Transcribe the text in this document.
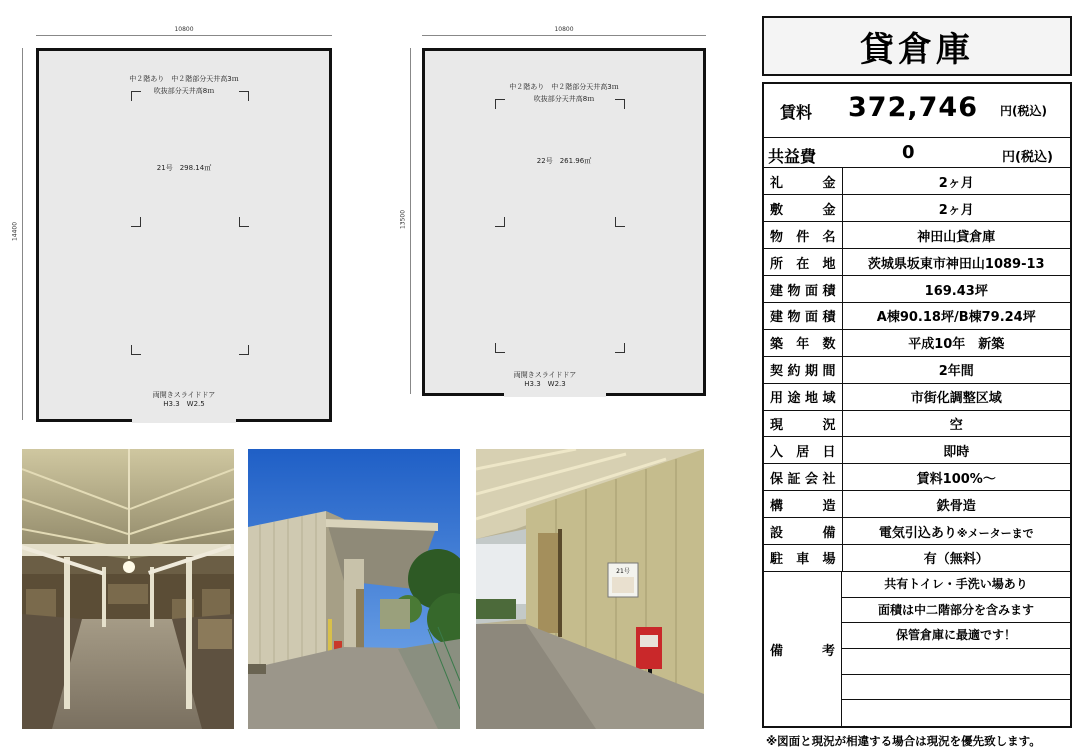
10800
14400
中２階あり　中２階部分天井高3ｍ
吹抜部分天井高8ｍ
21号　298.14㎡
両開きスライドドア
H3.3　W2.5
10800
13500
中２階あり　中２階部分天井高3ｍ
吹抜部分天井高8ｍ
22号　261.96㎡
両開きスライドドア
H3.3　W2.3
21号
貸倉庫
賃料 372,746 円(税込)
共益費	0	円(税込)
礼金	2ヶ月
敷金	2ヶ月
物件名	神田山貸倉庫
所在地	茨城県坂東市神田山1089-13
建物面積	169.43坪
建物面積	A棟90.18坪/B棟79.24坪
築年数	平成10年　新築
契約期間	2年間
用途地域	市街化調整区域
現況	空
入居日	即時
保証会社	賃料100%～
構造	鉄骨造
設備	電気引込あり※メーターまで
駐車場	有（無料）
備	考
共有トイレ・手洗い場あり
面積は中二階部分を含みます
保管倉庫に最適です！
※図面と現況が相違する場合は現況を優先致します。
